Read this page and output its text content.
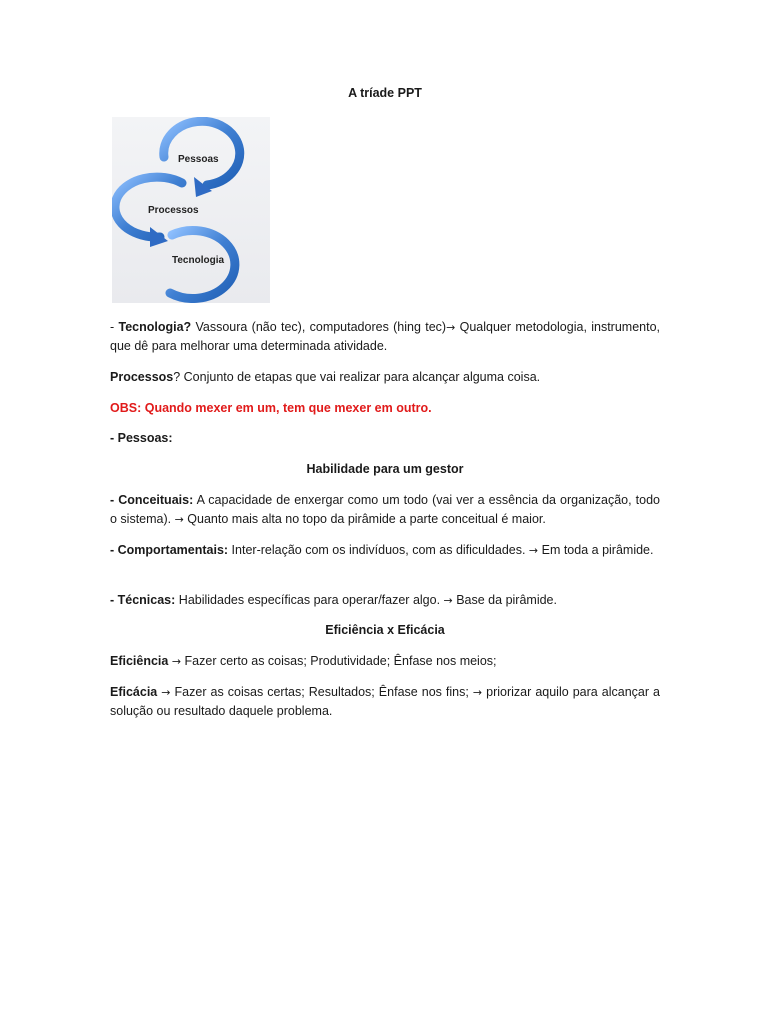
A tríade PPT
Pessoas
Processos
Tecnologia

- Tecnologia? Vassoura (não tec), computadores (hing tec)→ Qualquer metodologia, instrumento, que dê para melhorar uma determinada atividade.

Processos? Conjunto de etapas que vai realizar para alcançar alguma coisa.

OBS: Quando mexer em um, tem que mexer em outro.

- Pessoas:

Habilidade para um gestor

- Conceituais: A capacidade de enxergar como um todo (vai ver a essência da organização, todo o sistema). → Quanto mais alta no topo da pirâmide a parte conceitual é maior.

- Comportamentais: Inter-relação com os indivíduos, com as dificuldades. → Em toda a pirâmide.

- Técnicas: Habilidades específicas para operar/fazer algo. → Base da pirâmide.

Eficiência x Eficácia

Eficiência → Fazer certo as coisas; Produtividade; Ênfase nos meios;

Eficácia → Fazer as coisas certas; Resultados; Ênfase nos fins; → priorizar aquilo para alcançar a solução ou resultado daquele problema.
